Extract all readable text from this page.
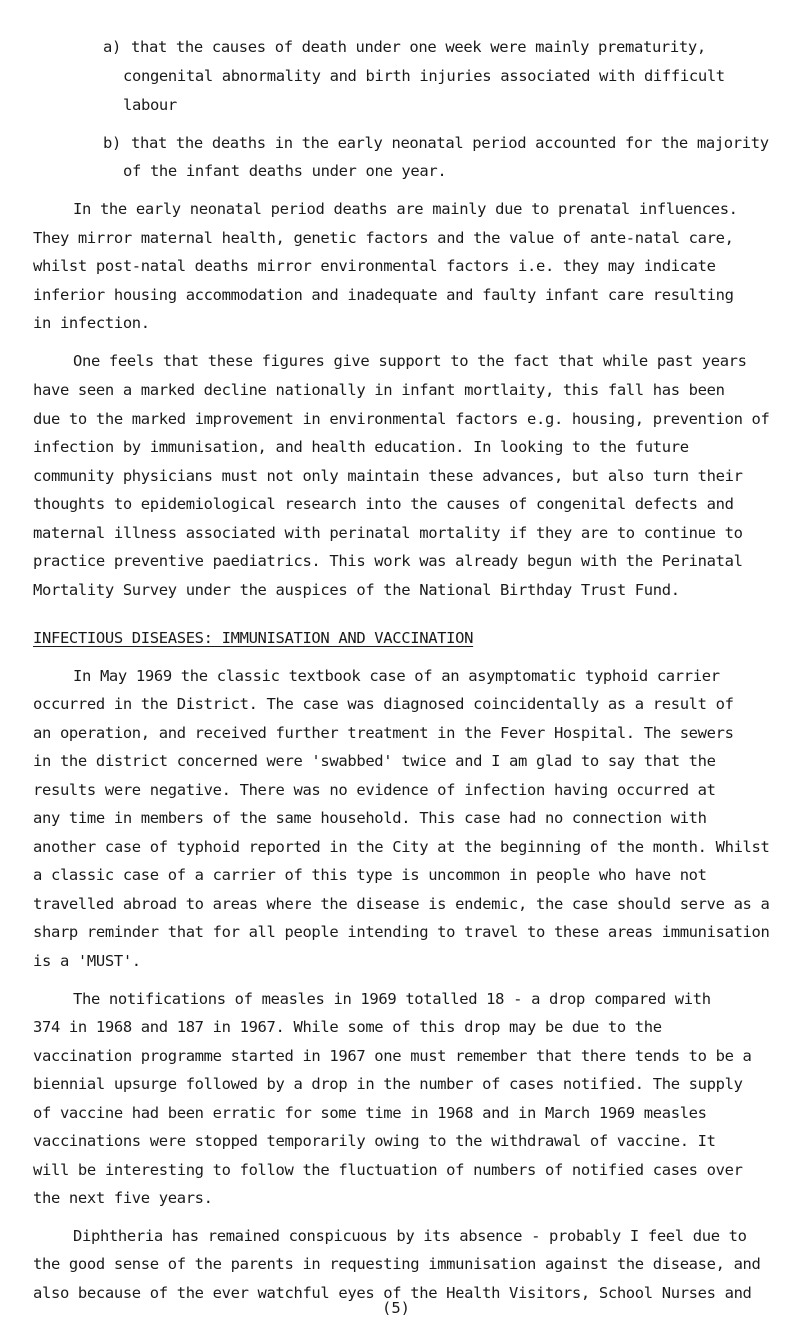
a) that the causes of death under one week were mainly prematurity,
congenital abnormality and birth injuries associated with difficult
labour
b) that the deaths in the early neonatal period accounted for the majority
of the infant deaths under one year.
In the early neonatal period deaths are mainly due to prenatal influences.
They mirror maternal health, genetic factors and the value of ante-natal care,
whilst post-natal deaths mirror environmental factors i.e. they may indicate
inferior housing accommodation and inadequate and faulty infant care resulting
in infection.
One feels that these figures give support to the fact that while past years
have seen a marked decline nationally in infant mortlaity, this fall has been
due to the marked improvement in environmental factors e.g. housing, prevention of
infection by immunisation, and health education. In looking to the future
community physicians must not only maintain these advances, but also turn their
thoughts to epidemiological research into the causes of congenital defects and
maternal illness associated with perinatal mortality if they are to continue to
practice preventive paediatrics. This work was already begun with the Perinatal
Mortality Survey under the auspices of the National Birthday Trust Fund.
INFECTIOUS DISEASES: IMMUNISATION AND VACCINATION
In May 1969 the classic textbook case of an asymptomatic typhoid carrier
occurred in the District. The case was diagnosed coincidentally as a result of
an operation, and received further treatment in the Fever Hospital. The sewers
in the district concerned were 'swabbed' twice and I am glad to say that the
results were negative. There was no evidence of infection having occurred at
any time in members of the same household. This case had no connection with
another case of typhoid reported in the City at the beginning of the month. Whilst
a classic case of a carrier of this type is uncommon in people who have not
travelled abroad to areas where the disease is endemic, the case should serve as a
sharp reminder that for all people intending to travel to these areas immunisation
is a 'MUST'.
The notifications of measles in 1969 totalled 18 - a drop compared with
374 in 1968 and 187 in 1967. While some of this drop may be due to the
vaccination programme started in 1967 one must remember that there tends to be a
biennial upsurge followed by a drop in the number of cases notified. The supply
of vaccine had been erratic for some time in 1968 and in March 1969 measles
vaccinations were stopped temporarily owing to the withdrawal of vaccine. It
will be interesting to follow the fluctuation of numbers of notified cases over
the next five years.
Diphtheria has remained conspicuous by its absence - probably I feel due to
the good sense of the parents in requesting immunisation against the disease, and
also because of the ever watchful eyes of the Health Visitors, School Nurses and
(5)
